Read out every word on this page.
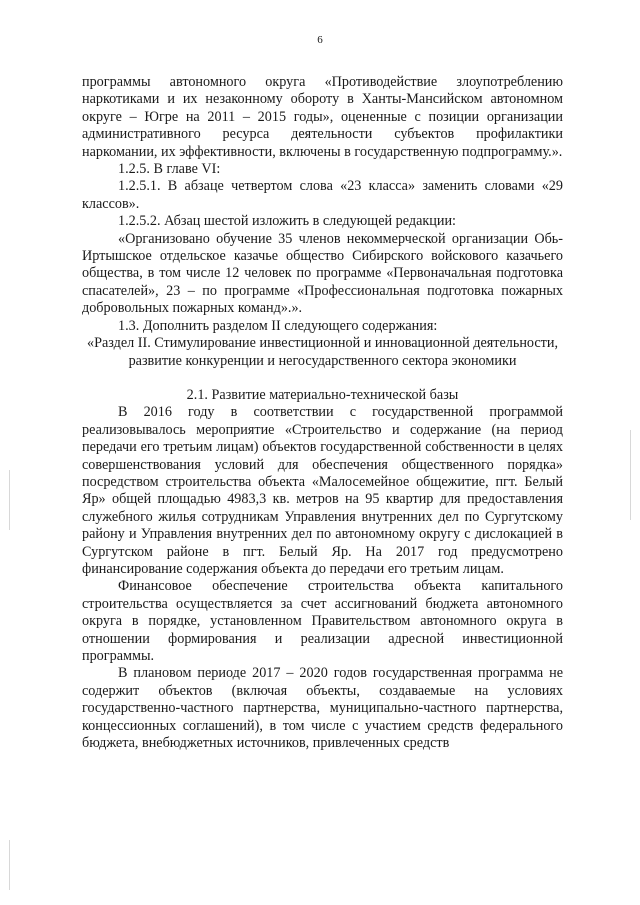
6

программы автономного округа «Противодействие злоупотреблению наркотиками и их незаконному обороту в Ханты-Мансийском автономном округе – Югре на 2011 – 2015 годы», оцененные с позиции организации административного ресурса деятельности субъектов профилактики наркомании, их эффективности, включены в государственную подпрограмму.».

1.2.5. В главе VI:

1.2.5.1. В абзаце четвертом слова «23 класса» заменить словами «29 классов».

1.2.5.2. Абзац шестой изложить в следующей редакции:

«Организовано обучение 35 членов некоммерческой организации Обь-Иртышское отдельское казачье общество Сибирского войскового казачьего общества, в том числе 12 человек по программе «Первоначальная подготовка спасателей», 23 – по программе «Профессиональная подготовка пожарных добровольных пожарных команд».».

1.3. Дополнить разделом II следующего содержания:

«Раздел II. Стимулирование инвестиционной и инновационной деятельности, развитие конкуренции и негосударственного сектора экономики

2.1. Развитие материально-технической базы

В 2016 году в соответствии с государственной программой реализовывалось мероприятие «Строительство и содержание (на период передачи его третьим лицам) объектов государственной собственности в целях совершенствования условий для обеспечения общественного порядка» посредством строительства объекта «Малосемейное общежитие, пгт. Белый Яр» общей площадью 4983,3 кв. метров на 95 квартир для предоставления служебного жилья сотрудникам Управления внутренних дел по Сургутскому району и Управления внутренних дел по автономному округу с дислокацией в Сургутском районе в пгт. Белый Яр. На 2017 год предусмотрено финансирование содержания объекта до передачи его третьим лицам.

Финансовое обеспечение строительства объекта капитального строительства осуществляется за счет ассигнований бюджета автономного округа в порядке, установленном Правительством автономного округа в отношении формирования и реализации адресной инвестиционной программы.

В плановом периоде 2017 – 2020 годов государственная программа не содержит объектов (включая объекты, создаваемые на условиях государственно-частного партнерства, муниципально-частного партнерства, концессионных соглашений), в том числе с участием средств федерального бюджета, внебюджетных источников, привлеченных средств
